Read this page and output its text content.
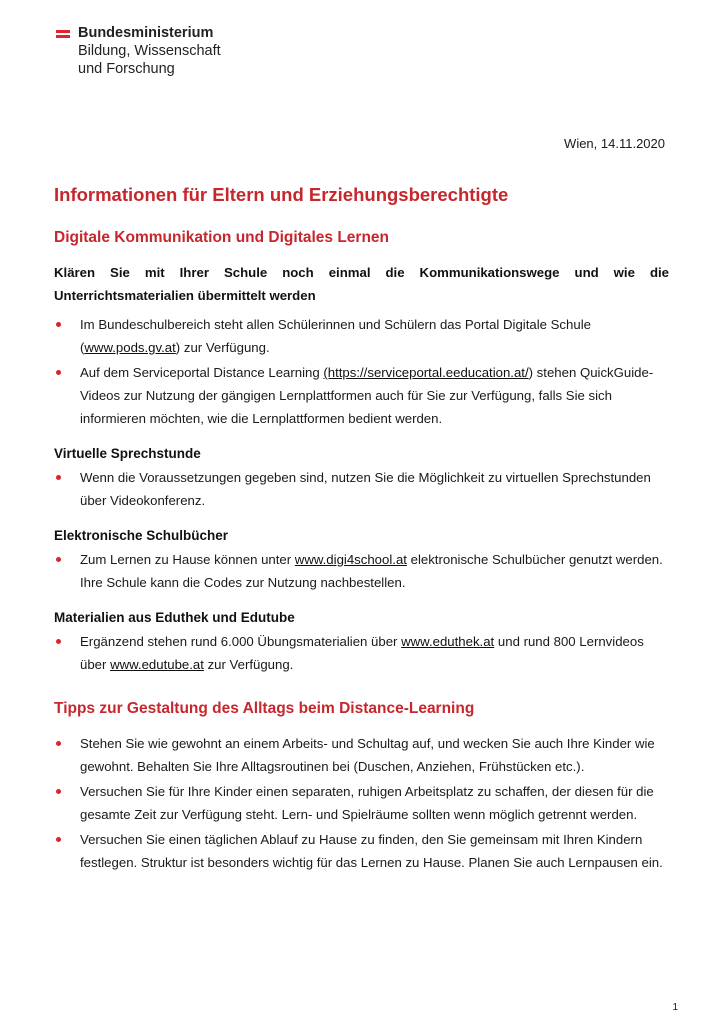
Bundesministerium
Bildung, Wissenschaft
und Forschung
Wien, 14.11.2020
Informationen für Eltern und Erziehungsberechtigte
Digitale Kommunikation und Digitales Lernen

Klären Sie mit Ihrer Schule noch einmal die Kommunikationswege und wie die Unterrichtsmaterialien übermittelt werden

Im Bundeschulbereich steht allen Schülerinnen und Schülern das Portal Digitale Schule (www.pods.gv.at) zur Verfügung.
Auf dem Serviceportal Distance Learning (https://serviceportal.eeducation.at/) stehen QuickGuide-Videos zur Nutzung der gängigen Lernplattformen auch für Sie zur Verfügung, falls Sie sich informieren möchten, wie die Lernplattformen bedient werden.
Virtuelle Sprechstunde
Wenn die Voraussetzungen gegeben sind, nutzen Sie die Möglichkeit zu virtuellen Sprechstunden über Videokonferenz.
Elektronische Schulbücher
Zum Lernen zu Hause können unter www.digi4school.at elektronische Schulbücher genutzt werden. Ihre Schule kann die Codes zur Nutzung nachbestellen.
Materialien aus Eduthek und Edutube
Ergänzend stehen rund 6.000 Übungsmaterialien über www.eduthek.at und rund 800 Lernvideos über www.edutube.at zur Verfügung.
Tipps zur Gestaltung des Alltags beim Distance-Learning
Stehen Sie wie gewohnt an einem Arbeits- und Schultag auf, und wecken Sie auch Ihre Kinder wie gewohnt. Behalten Sie Ihre Alltagsroutinen bei (Duschen, Anziehen, Frühstücken etc.).
Versuchen Sie für Ihre Kinder einen separaten, ruhigen Arbeitsplatz zu schaffen, der diesen für die gesamte Zeit zur Verfügung steht. Lern- und Spielräume sollten wenn möglich getrennt werden.
Versuchen Sie einen täglichen Ablauf zu Hause zu finden, den Sie gemeinsam mit Ihren Kindern festlegen. Struktur ist besonders wichtig für das Lernen zu Hause. Planen Sie auch Lernpausen ein.
1
